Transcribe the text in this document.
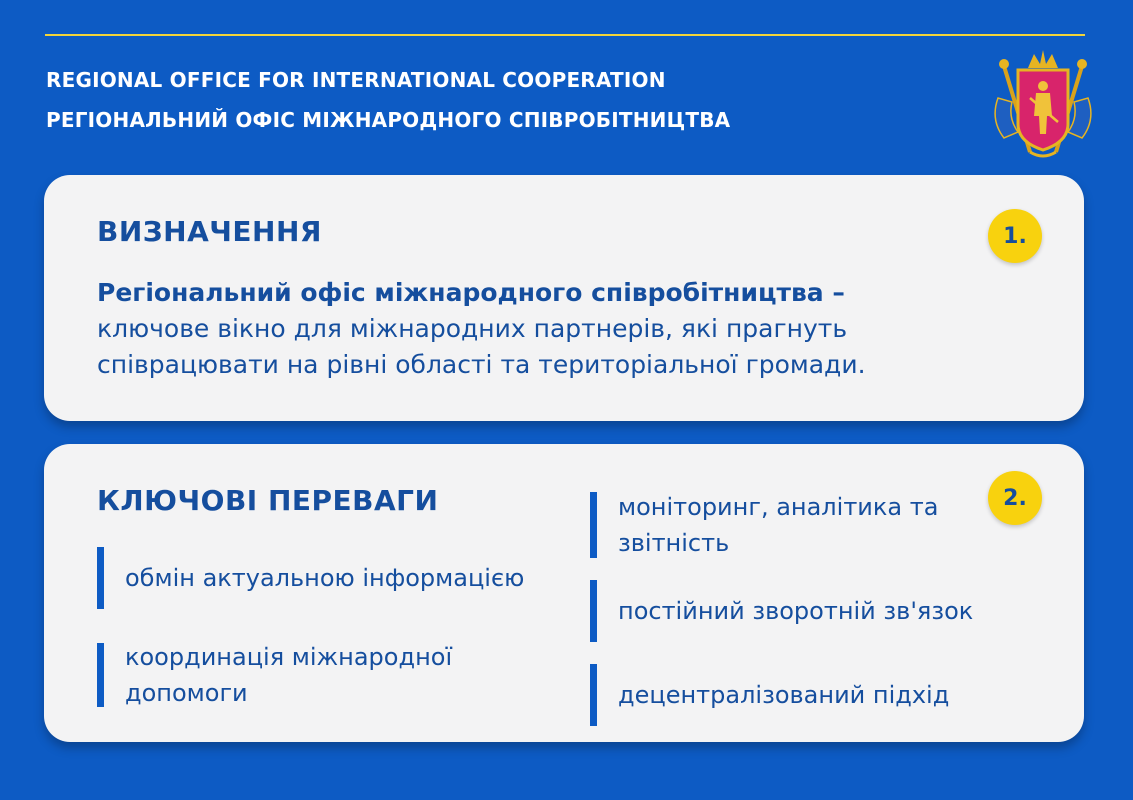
REGIONAL OFFICE FOR INTERNATIONAL COOPERATION
РЕГІОНАЛЬНИЙ ОФІС МІЖНАРОДНОГО СПІВРОБІТНИЦТВА
ВИЗНАЧЕННЯ	1.
Регіональний офіс міжнародного співробітництва –
ключове вікно для міжнародних партнерів, які прагнуть співрацювати на рівні області та територіальної громади.
КЛЮЧОВІ ПЕРЕВАГИ	2.
обмін актуальною інформацією
координація міжнародної допомоги
моніторинг, аналітика та звітність
постійний зворотній зв'язок
децентралізований підхід
